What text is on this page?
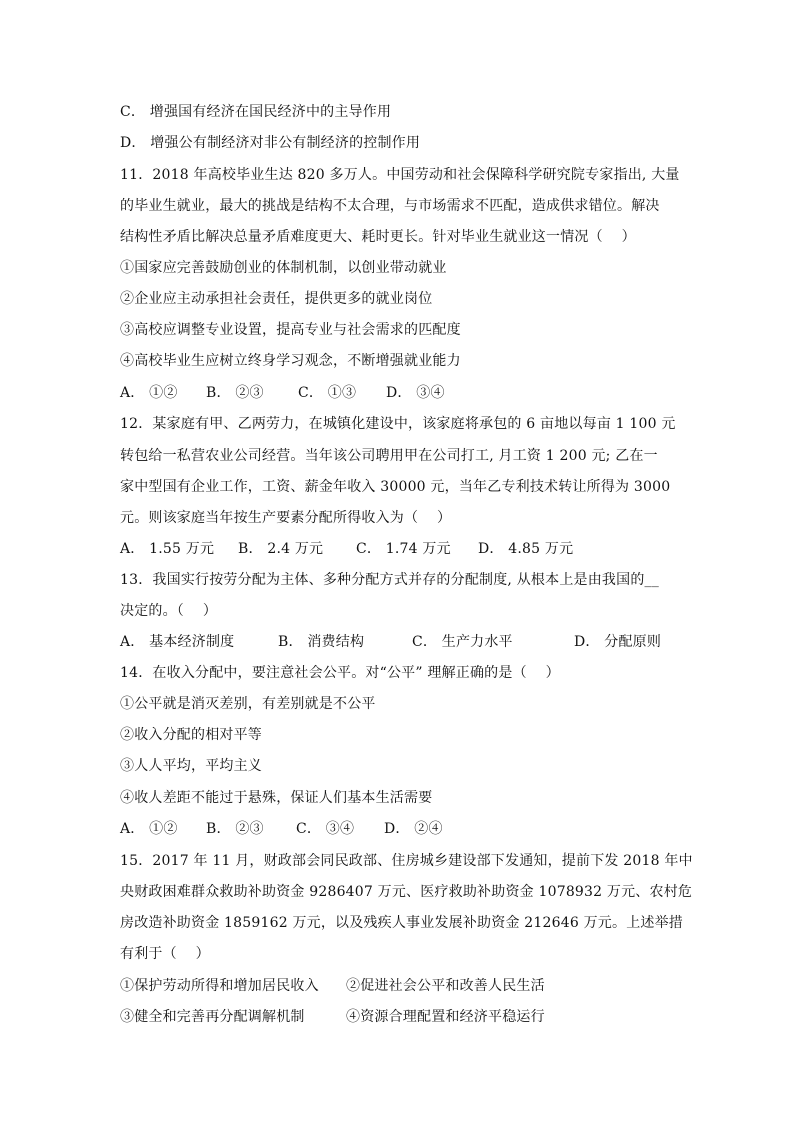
C． 增强国有经济在国民经济中的主导作用
D． 增强公有制经济对非公有制经济的控制作用
11．2018 年高校毕业生达 820 多万人。中国劳动和社会保障科学研究院专家指出, 大量
的毕业生就业，最大的挑战是结构不太合理，与市场需求不匹配，造成供求错位。解决
结构性矛盾比解决总量矛盾难度更大、耗时更长。针对毕业生就业这一情况（　 ）
①国家应完善鼓励创业的体制机制，以创业带动就业
②企业应主动承担社会责任，提供更多的就业岗位
③高校应调整专业设置，提高专业与社会需求的匹配度
④高校毕业生应树立终身学习观念，不断增强就业能力
A． ①② B． ②③ C． ①③ D． ③④
12．某家庭有甲、乙两劳力，在城镇化建设中，该家庭将承包的 6 亩地以每亩 1 100 元
转包给一私营农业公司经营。当年该公司聘用甲在公司打工, 月工资 1 200 元; 乙在一
家中型国有企业工作，工资、薪金年收入 30000 元，当年乙专利技术转让所得为 3000
元。则该家庭当年按生产要素分配所得收入为（　 ）
A． 1.55 万元 B． 2.4 万元 C． 1.74 万元 D． 4.85 万元
13．我国实行按劳分配为主体、多种分配方式并存的分配制度, 从根本上是由我国的__
决定的。（　 ）
A． 基本经济制度	B． 消费结构	C． 生产力水平	D． 分配原则
14．在收入分配中，要注意社会公平。对“公平” 理解正确的是（　 ）
①公平就是消灭差别，有差别就是不公平
②收入分配的相对平等
③人人平均，平均主义
④收人差距不能过于悬殊，保证人们基本生活需要
A． ①② B． ②③ C． ③④ D． ②④
15．2017 年 11 月，财政部会同民政部、住房城乡建设部下发通知，提前下发 2018 年中
央财政困难群众救助补助资金 9286407 万元、医疗救助补助资金 1078932 万元、农村危
房改造补助资金 1859162 万元，以及残疾人事业发展补助资金 212646 万元。上述举措
有利于（　 ）
①保护劳动所得和增加居民收入 ②促进社会公平和改善人民生活
③健全和完善再分配调解机制	④资源合理配置和经济平稳运行
